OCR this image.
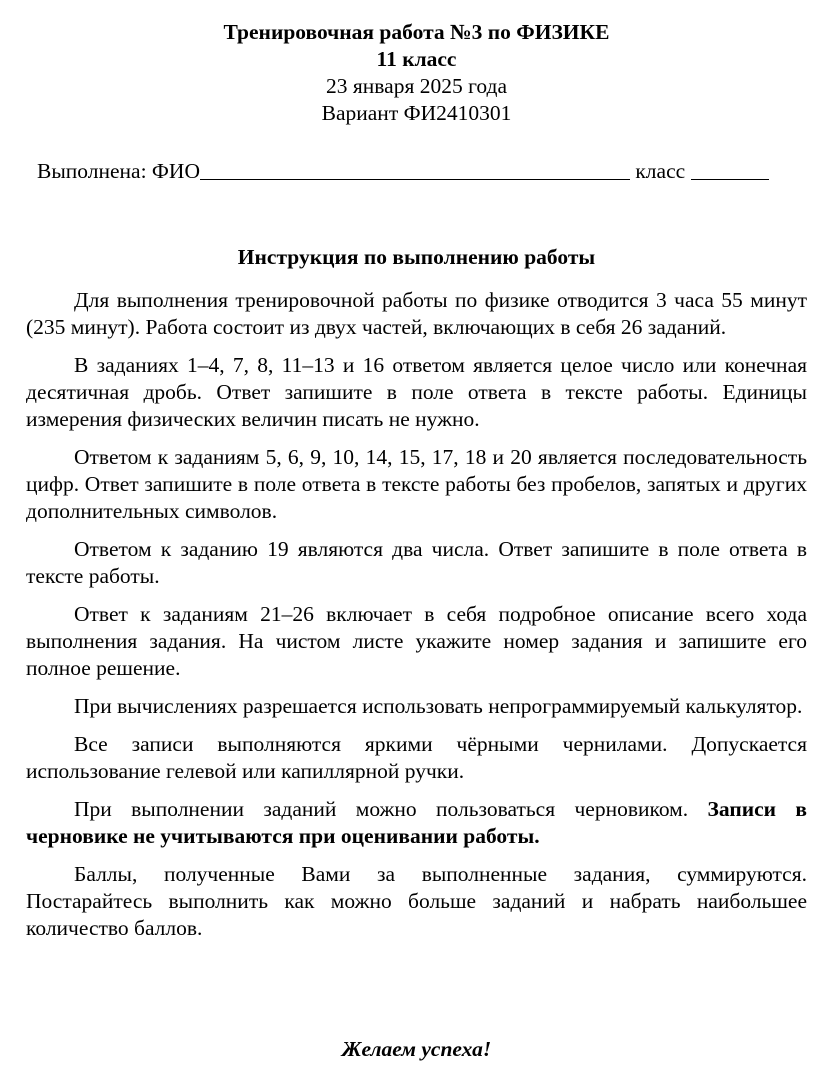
Тренировочная работа №3 по ФИЗИКЕ
11 класс
23 января 2025 года
Вариант ФИ2410301
Выполнена: ФИО	класс
Инструкция по выполнению работы

Для выполнения тренировочной работы по физике отводится 3 часа 55 минут (235 минут). Работа состоит из двух частей, включающих в себя 26 заданий.

В заданиях 1–4, 7, 8, 11–13 и 16 ответом является целое число или конечная десятичная дробь. Ответ запишите в поле ответа в тексте работы. Единицы измерения физических величин писать не нужно.

Ответом к заданиям 5, 6, 9, 10, 14, 15, 17, 18 и 20 является последовательность цифр. Ответ запишите в поле ответа в тексте работы без пробелов, запятых и других дополнительных символов.

Ответом к заданию 19 являются два числа. Ответ запишите в поле ответа в тексте работы.

Ответ к заданиям 21–26 включает в себя подробное описание всего хода выполнения задания. На чистом листе укажите номер задания и запишите его полное решение.

При вычислениях разрешается использовать непрограммируемый калькулятор.

Все записи выполняются яркими чёрными чернилами. Допускается использование гелевой или капиллярной ручки.

При выполнении заданий можно пользоваться черновиком. Записи в черновике не учитываются при оценивании работы.

Баллы, полученные Вами за выполненные задания, суммируются. Постарайтесь выполнить как можно больше заданий и набрать наибольшее количество баллов.

Желаем успеха!
